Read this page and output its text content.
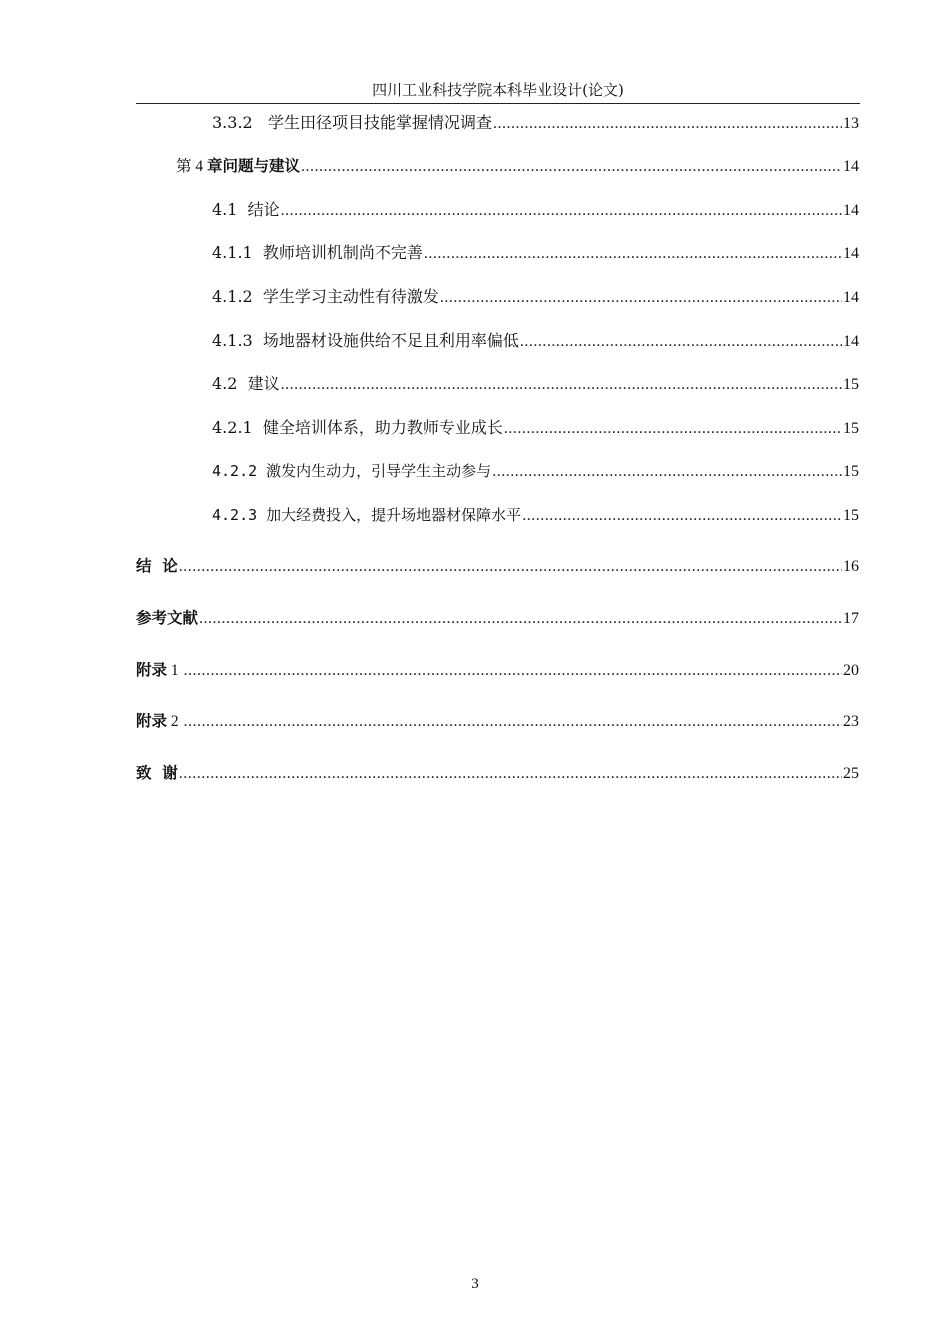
四川工业科技学院本科毕业设计(论文)
3.3.2   学生田径项目技能掌握情况调查 .....	13
第 4 章问题与建议 .....	14
4.1  结论 .....	14
4.1.1  教师培训机制尚不完善 .....	14
4.1.2  学生学习主动性有待激发 .....	14
4.1.3  场地器材设施供给不足且利用率偏低 .....	14
4.2  建议 .....	15
4.2.1  健全培训体系，助力教师专业成长 .....	15
4.2.2 激发内生动力，引导学生主动参与 .....	15
4.2.3 加大经费投入，提升场地器材保障水平 .....	15
结  论 .....	16
参考文献 .....	17
附录 1 .....	20
附录 2 .....	23
致  谢 .....	25
3
